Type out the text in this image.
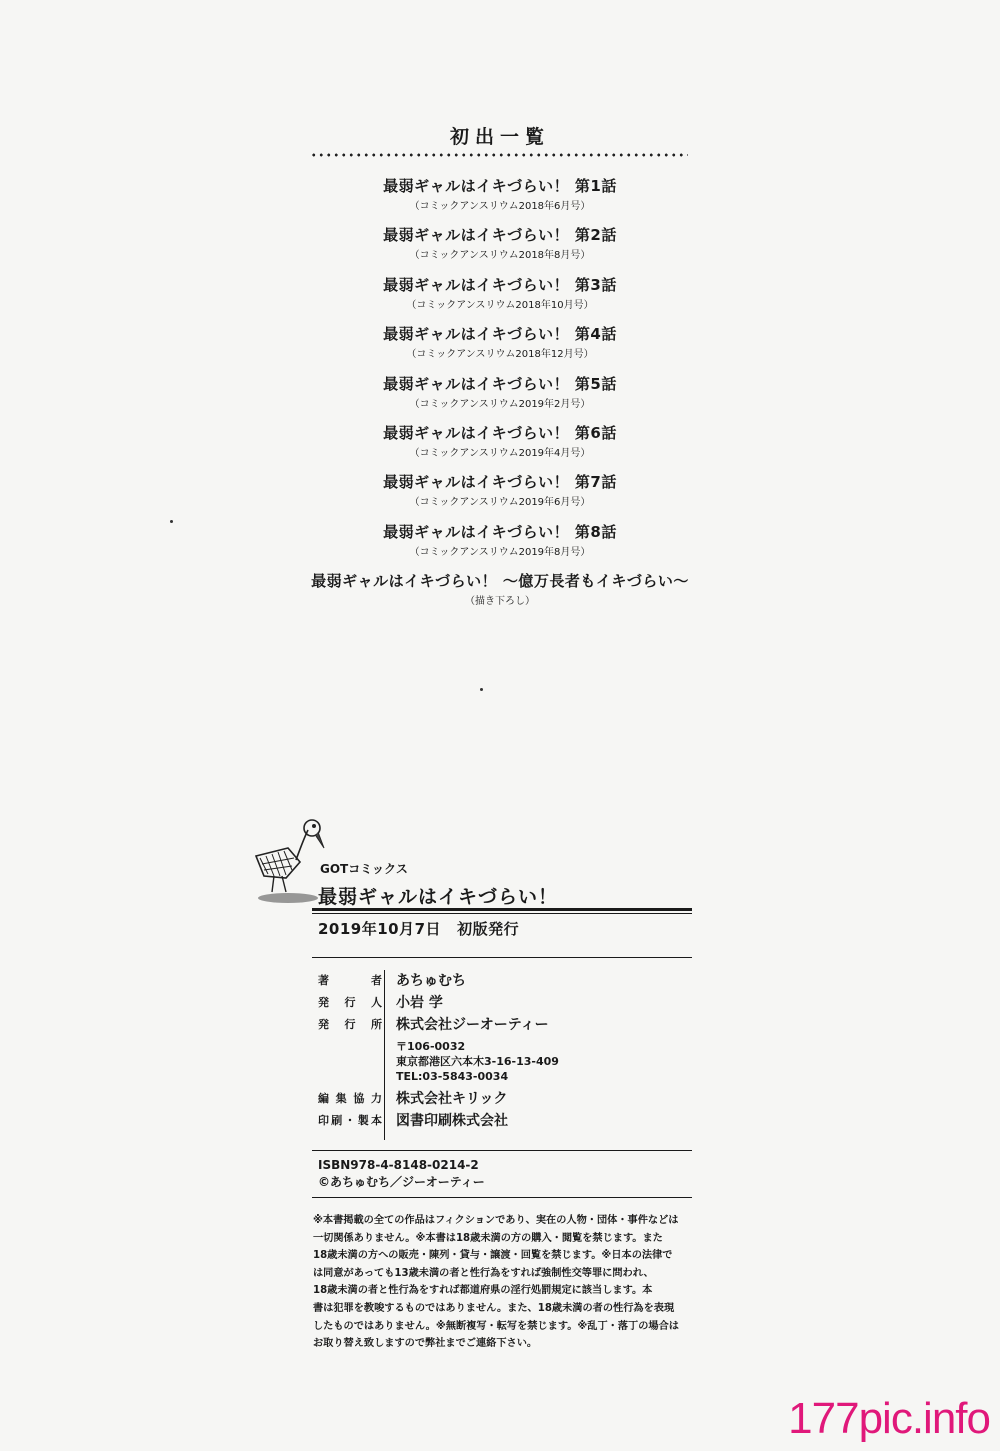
初出一覧
最弱ギャルはイキづらい！ 第1話
（コミックアンスリウム2018年6月号）
最弱ギャルはイキづらい！ 第2話
（コミックアンスリウム2018年8月号）
最弱ギャルはイキづらい！ 第3話
（コミックアンスリウム2018年10月号）
最弱ギャルはイキづらい！ 第4話
（コミックアンスリウム2018年12月号）
最弱ギャルはイキづらい！ 第5話
（コミックアンスリウム2019年2月号）
最弱ギャルはイキづらい！ 第6話
（コミックアンスリウム2019年4月号）
最弱ギャルはイキづらい！ 第7話
（コミックアンスリウム2019年6月号）
最弱ギャルはイキづらい！ 第8話
（コミックアンスリウム2019年8月号）
最弱ギャルはイキづらい！ ～億万長者もイキづらい～
（描き下ろし）
GOTコミックス
最弱ギャルはイキづらい！
2019年10月7日 初版発行
著者	あちゅむち
発行人	小岩 学
発行所	株式会社ジーオーティー
〒106-0032
東京都港区六本木3-16-13-409
TEL:03-5843-0034
編集協力	株式会社キリック
印刷・製本	図書印刷株式会社
ISBN978-4-8148-0214-2
©あちゅむち／ジーオーティー

※本書掲載の全ての作品はフィクションであり、実在の人物・団体・事件などは

一切関係ありません。※本書は18歳未満の方の購入・閲覧を禁じます。また

18歳未満の方への販売・陳列・貸与・譲渡・回覧を禁じます。※日本の法律で

は同意があっても13歳未満の者と性行為をすれば強制性交等罪に問われ、

18歳未満の者と性行為をすれば都道府県の淫行処罰規定に該当します。本

書は犯罪を教唆するものではありません。また、18歳未満の者の性行為を表現

したものではありません。※無断複写・転写を禁じます。※乱丁・落丁の場合は

お取り替え致しますので弊社までご連絡下さい。

177pic.info
